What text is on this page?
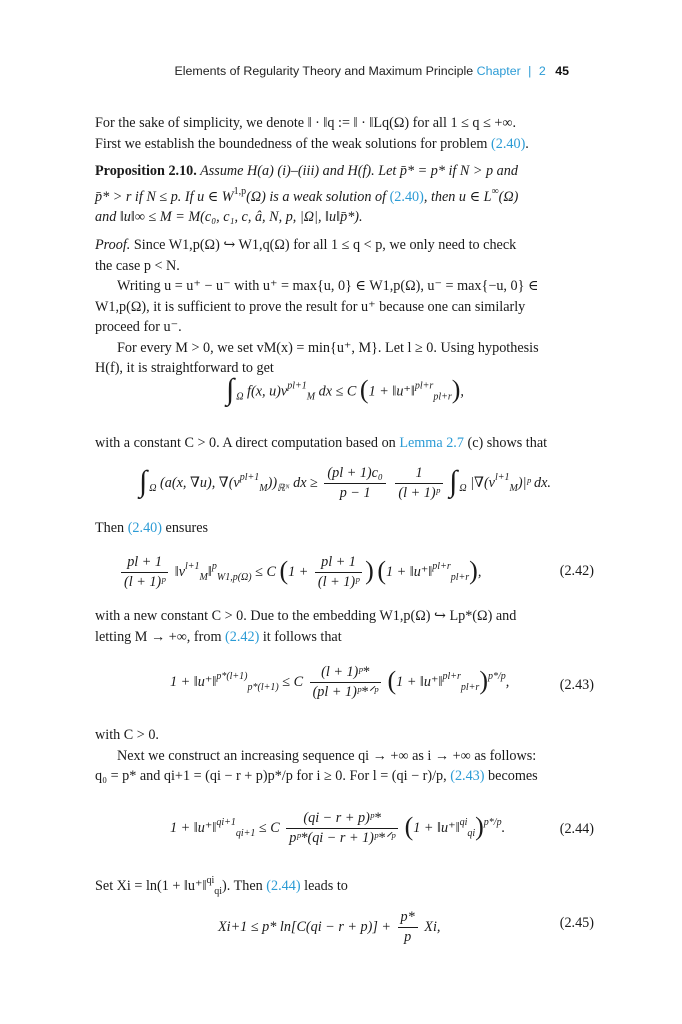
Elements of Regularity Theory and Maximum Principle Chapter | 2 45
For the sake of simplicity, we denote ‖ · ‖q := ‖ · ‖Lq(Ω) for all 1 ≤ q ≤ +∞.
First we establish the boundedness of the weak solutions for problem (2.40).
Proposition 2.10. Assume H(a) (i)–(iii) and H(f). Let p̄* = p* if N > p and
p̄* > r if N ≤ p. If u ∈ W$^{1,p}$(Ω) is a weak solution of (2.40), then u ∈ L∞(Ω)
and ‖u‖∞ ≤ M = M(c₀, c₁, c, â, N, p, |Ω|, ‖u‖p̄*).
Proof. Since W1,p(Ω) ↪ W1,q(Ω) for all 1 ≤ q < p, we only need to check
the case p < N.
Writing u = u⁺ − u⁻ with u⁺ = max{u, 0} ∈ W1,p(Ω), u⁻ = max{−u, 0} ∈
W1,p(Ω), it is sufficient to prove the result for u⁺ because one can similarly
proceed for u⁻.
For every M > 0, we set vM(x) = min{u⁺, M}. Let l ≥ 0. Using hypothesis
H(f), it is straightforward to get
∫ $_\Omega$ f(x, $u)v^{pl+1}_M$ dx ≤ C (1 + ‖u⁺‖$^{pl+r}_{pl+r}$),
with a constant C > 0. A direct computation based on Lemma 2.7 (c) shows that
∫ $_\Omega$ (a(x, ∇u), $\nabla(v^{pl+1}_M))_{ℝᴺ}$ dx ≥ $\frac{\text{(pl + 1)c₀}}{p - 1}$
$\frac{1}{\text{(l + 1)ᵖ}}$ ∫ $_\Omega$ $|\nabla(v^{l+1}_M)|ᵖ$ dx.
Then (2.40) ensures
$\frac{pl + 1}{\text{(l + 1)ᵖ}}$ $‖v^{l+1}_M‖^p_{W1,p(\Omega)} \le C$ ($1 + \frac{pl + 1}{\text{(l + 1)ᵖ}}$ ) (1 + ‖u⁺‖$^{pl+r}_{pl+r}$),	(2.42)
with a new constant C > 0. Due to the embedding W1,p(Ω) ↪ Lp*(Ω) and
letting M → +∞, from (2.42) it follows that
1 + ‖u⁺‖$^{p*(l+1)}_{p*(l+1)}$ ≤ C $\frac{\text{(l + 1)ᵖ*}}{\text{(pl + 1)ᵖ*ᐟᵖ}} (1$ + ‖u⁺‖$^{pl+r}_{pl+r}$)$^{p*/p}$,	(2.43)
with C > 0.
Next we construct an increasing sequence qi → +∞ as i → +∞ as follows:
q₀ = p* and qi+1 = (qi − r + p)p*/p for i ≥ 0. For l = (qi − r)/p, (2.43) becomes
1 + ‖u⁺‖$^{qi+1}_{qi+1}$ ≤ C $\frac{\text{(qi − r + p)ᵖ*}}{\text{pᵖ*(qi − r + 1)ᵖ*ᐟᵖ}} (1$ + ‖u⁺‖$^{qi}_{qi}$)$^{p*/p}$.	(2.44)
Set Xi = ln(1 + ‖u⁺‖$^{qi}_{qi}$). Then (2.44) leads to
Xi+1 ≤ p* $\ln[C(qi - r + p)] + \frac{p*}{p} Xi$,	(2.45)
